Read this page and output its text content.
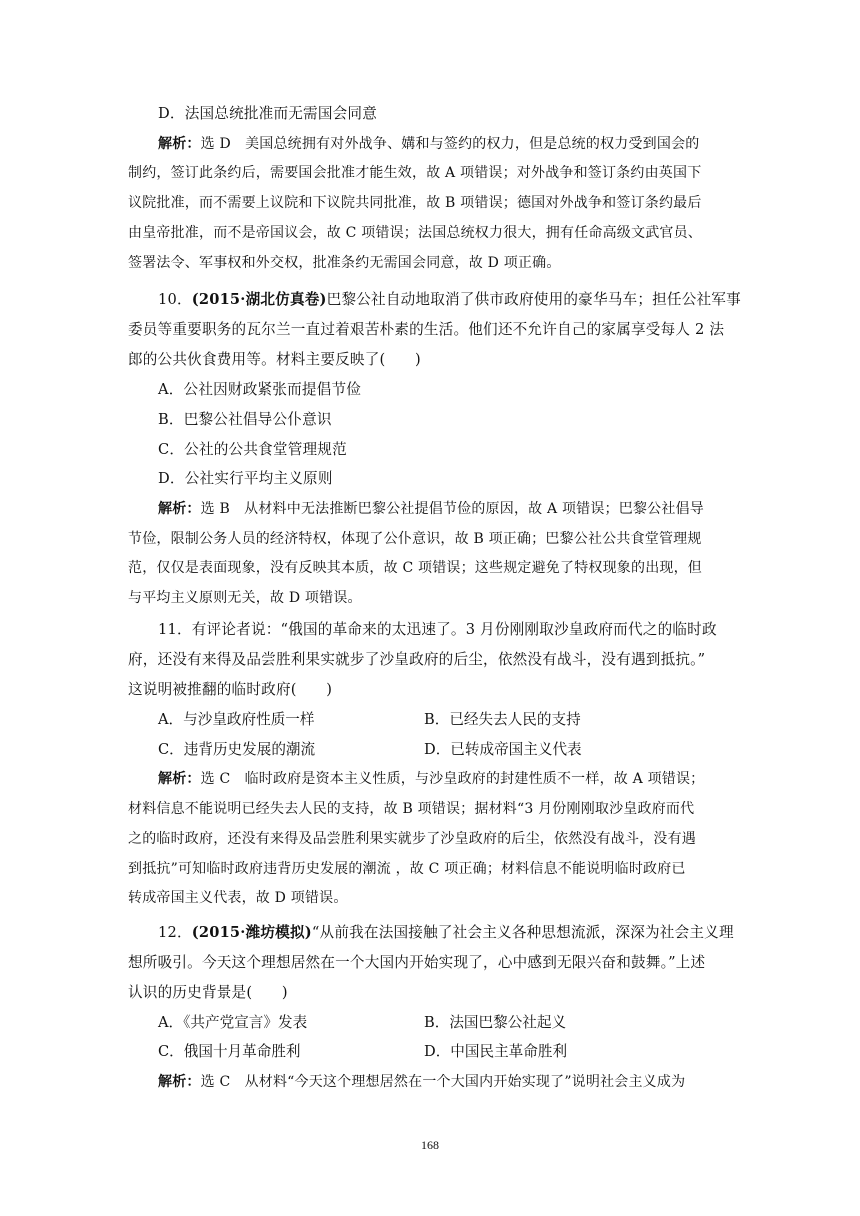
D．法国总统批准而无需国会同意
解析：选 D　美国总统拥有对外战争、媾和与签约的权力，但是总统的权力受到国会的
制约，签订此条约后，需要国会批准才能生效，故 A 项错误；对外战争和签订条约由英国下
议院批准，而不需要上议院和下议院共同批准，故 B 项错误；德国对外战争和签订条约最后
由皇帝批准，而不是帝国议会，故 C 项错误；法国总统权力很大，拥有任命高级文武官员、
签署法令、军事权和外交权，批准条约无需国会同意，故 D 项正确。
10．(2015·湖北仿真卷)巴黎公社自动地取消了供市政府使用的豪华马车；担任公社军事
委员等重要职务的瓦尔兰一直过着艰苦朴素的生活。他们还不允许自己的家属享受每人 2 法
郎的公共伙食费用等。材料主要反映了(　　)
A．公社因财政紧张而提倡节俭
B．巴黎公社倡导公仆意识
C．公社的公共食堂管理规范
D．公社实行平均主义原则
解析：选 B　从材料中无法推断巴黎公社提倡节俭的原因，故 A 项错误；巴黎公社倡导
节俭，限制公务人员的经济特权，体现了公仆意识，故 B 项正确；巴黎公社公共食堂管理规
范，仅仅是表面现象，没有反映其本质，故 C 项错误；这些规定避免了特权现象的出现，但
与平均主义原则无关，故 D 项错误。
11．有评论者说：“俄国的革命来的太迅速了。3 月份刚刚取沙皇政府而代之的临时政
府，还没有来得及品尝胜利果实就步了沙皇政府的后尘，依然没有战斗，没有遇到抵抗。”
这说明被推翻的临时政府(　　)
A．与沙皇政府性质一样	B．已经失去人民的支持
C．违背历史发展的潮流	D．已转成帝国主义代表
解析：选 C　临时政府是资本主义性质，与沙皇政府的封建性质不一样，故 A 项错误；
材料信息不能说明已经失去人民的支持，故 B 项错误；据材料“3 月份刚刚取沙皇政府而代
之的临时政府，还没有来得及品尝胜利果实就步了沙皇政府的后尘，依然没有战斗，没有遇
到抵抗”可知临时政府违背历史发展的潮流 ，故 C 项正确；材料信息不能说明临时政府已
转成帝国主义代表，故 D 项错误。
12．(2015·潍坊模拟)“从前我在法国接触了社会主义各种思想流派，深深为社会主义理
想所吸引。今天这个理想居然在一个大国内开始实现了，心中感到无限兴奋和鼓舞。”上述
认识的历史背景是(　　)
A．《共产党宣言》发表	B．法国巴黎公社起义
C．俄国十月革命胜利	D．中国民主革命胜利
解析：选 C　从材料“今天这个理想居然在一个大国内开始实现了”说明社会主义成为
168
